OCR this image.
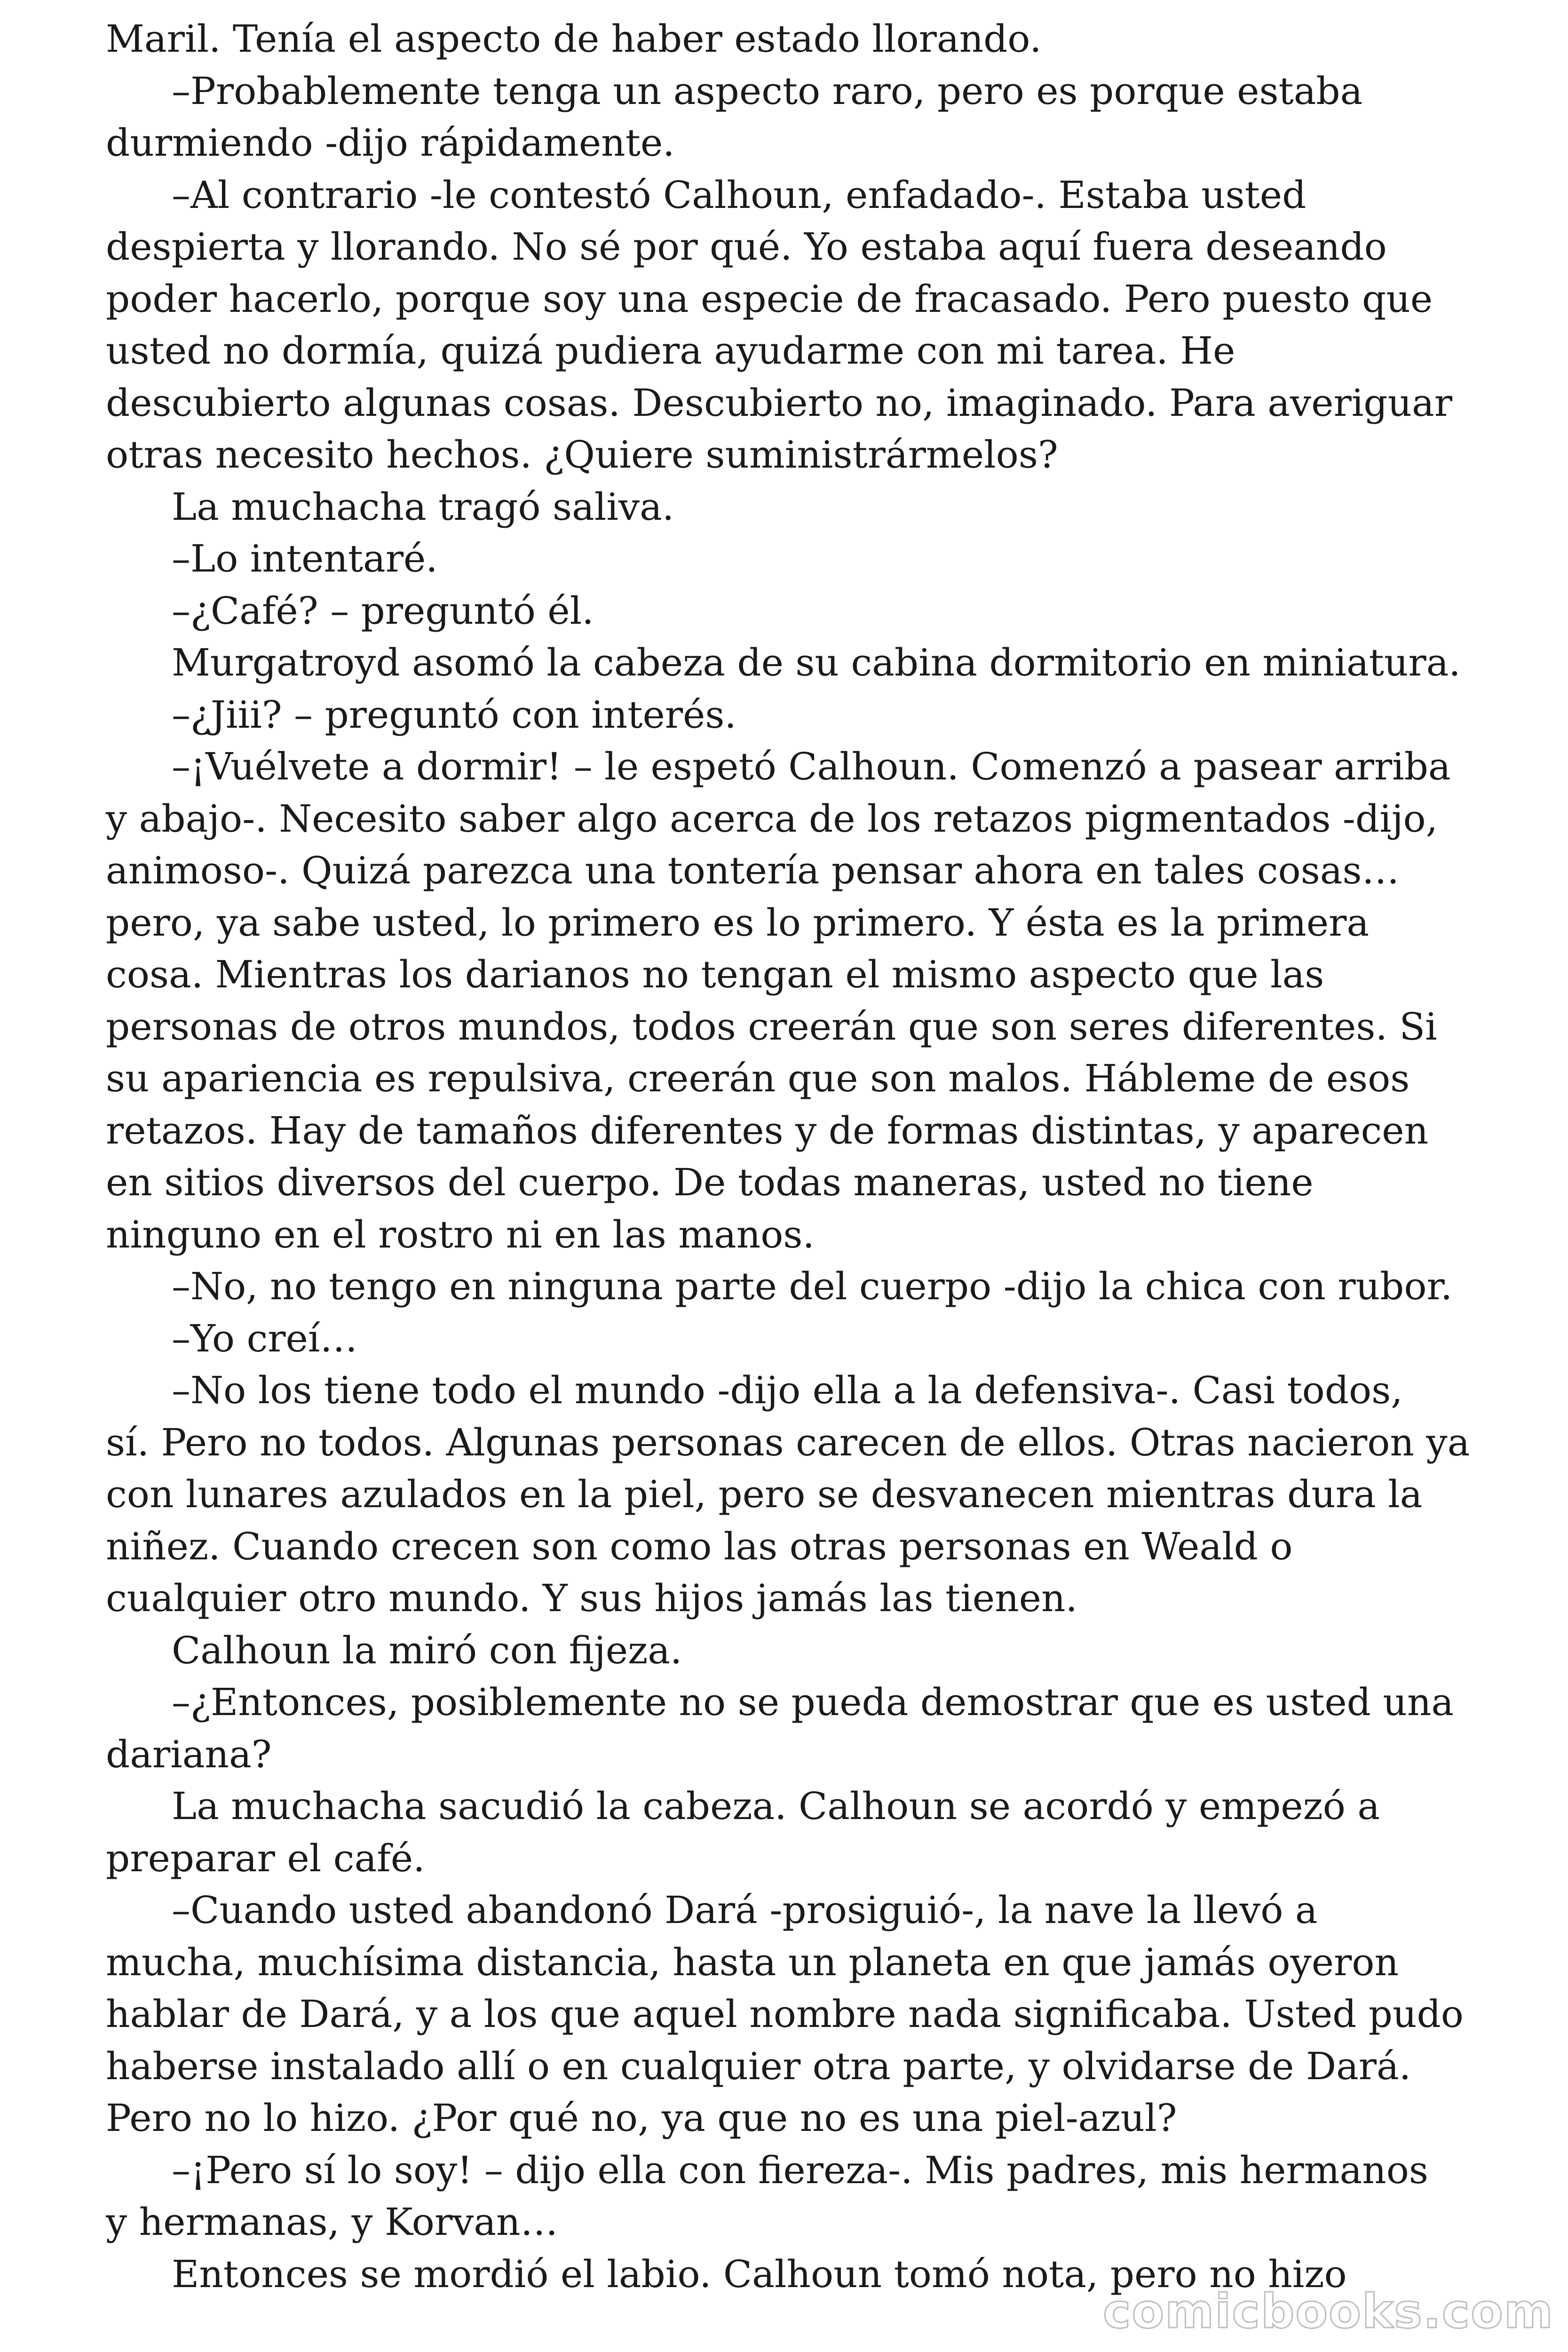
Maril. Tenía el aspecto de haber estado llorando.
–Probablemente tenga un aspecto raro, pero es porque estaba
durmiendo -dijo rápidamente.
–Al contrario -le contestó Calhoun, enfadado-. Estaba usted
despierta y llorando. No sé por qué. Yo estaba aquí fuera deseando
poder hacerlo, porque soy una especie de fracasado. Pero puesto que
usted no dormía, quizá pudiera ayudarme con mi tarea. He
descubierto algunas cosas. Descubierto no, imaginado. Para averiguar
otras necesito hechos. ¿Quiere suministrármelos?
La muchacha tragó saliva.
–Lo intentaré.
–¿Café? – preguntó él.
Murgatroyd asomó la cabeza de su cabina dormitorio en miniatura.
–¿Jiii? – preguntó con interés.
–¡Vuélvete a dormir! – le espetó Calhoun. Comenzó a pasear arriba
y abajo-. Necesito saber algo acerca de los retazos pigmentados -dijo,
animoso-. Quizá parezca una tontería pensar ahora en tales cosas…
pero, ya sabe usted, lo primero es lo primero. Y ésta es la primera
cosa. Mientras los darianos no tengan el mismo aspecto que las
personas de otros mundos, todos creerán que son seres diferentes. Si
su apariencia es repulsiva, creerán que son malos. Hábleme de esos
retazos. Hay de tamaños diferentes y de formas distintas, y aparecen
en sitios diversos del cuerpo. De todas maneras, usted no tiene
ninguno en el rostro ni en las manos.
–No, no tengo en ninguna parte del cuerpo -dijo la chica con rubor.
–Yo creí…
–No los tiene todo el mundo -dijo ella a la defensiva-. Casi todos,
sí. Pero no todos. Algunas personas carecen de ellos. Otras nacieron ya
con lunares azulados en la piel, pero se desvanecen mientras dura la
niñez. Cuando crecen son como las otras personas en Weald o
cualquier otro mundo. Y sus hijos jamás las tienen.
Calhoun la miró con fijeza.
–¿Entonces, posiblemente no se pueda demostrar que es usted una
dariana?
La muchacha sacudió la cabeza. Calhoun se acordó y empezó a
preparar el café.
–Cuando usted abandonó Dará -prosiguió-, la nave la llevó a
mucha, muchísima distancia, hasta un planeta en que jamás oyeron
hablar de Dará, y a los que aquel nombre nada significaba. Usted pudo
haberse instalado allí o en cualquier otra parte, y olvidarse de Dará.
Pero no lo hizo. ¿Por qué no, ya que no es una piel-azul?
–¡Pero sí lo soy! – dijo ella con fiereza-. Mis padres, mis hermanos
y hermanas, y Korvan…
Entonces se mordió el labio. Calhoun tomó nota, pero no hizo
comicbooks.com
